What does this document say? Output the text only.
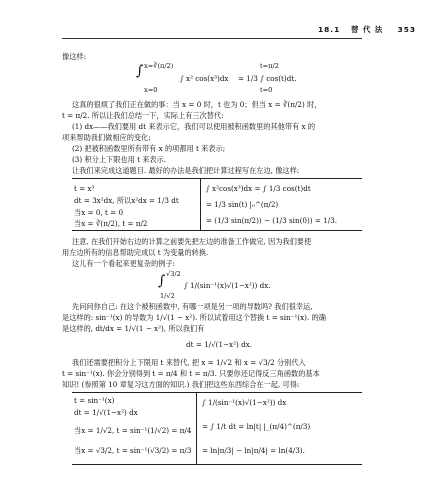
18.1 替 代 法 353
像这样:
∫ x=∛(π/2)
x=0
∫ x² cos(x³)dx
t=π/2
t=0
= 1/3 ∫ cos(t)dt.
这真的很烦了我们正在做的事：当 x = 0 时，t 也为 0；但当 x = ∛(π/2) 时，
t = π/2. 所以让我们总结一下，实际上有三次替代:
(1) dx——我们要用 dt 来表示它，我们可以使用被积函数里的其他带有 x 的
项来帮助我们做相应的变化;
(2) 把被积函数里所有带有 x 的项都用 t 来表示;
(3) 积分上下限也用 t 来表示.
让我们来完成这道题目. 最好的办法是我们把计算过程写在左边, 像这样:
t = x³
dt = 3x²dx, 所以x²dx = 1/3 dt
当x = 0, t = 0
当x = ∛(π/2), t = π/2
∫ x²cos(x³)dx = ∫ 1/3 cos(t)dt
= 1/3 sin(t) |₀^(π/2)
= (1/3 sin(π/2)) − (1/3 sin(0)) = 1/3.
注意, 在我们开始右边的计算之前要先把左边的准备工作做完, 因为我们要使
用左边所有的信息帮助完成以 t 为变量的转换.
这儿有一个看起来更复杂的例子:
∫ √3/2
1/√2
∫ 1/(sin⁻¹(x)√(1−x²)) dx.
先问问你自己: 在这个被积函数中, 有哪一项是另一项的导数吗? 我们很幸运,
是这样的: sin⁻¹(x) 的导数为 1/√(1 − x²). 所以试着用这个替换 t = sin⁻¹(x). 的确
是这样的, dt/dx = 1/√(1 − x²), 所以我们有
dt = 1/√(1−x²) dx.
我们还需要把积分上下限用 t 来替代, 把 x = 1/√2 和 x = √3/2 分别代入
t = sin⁻¹(x). 你会分别得到 t = π/4 和 t = π/3. 只要你还记得反三角函数的基本
知识! (参照第 10 章复习这方面的知识.) 我们把这些东西综合在一起, 可得:
t = sin⁻¹(x)
dt = 1/√(1−x²) dx
当x = 1/√2, t = sin⁻¹(1/√2) = π/4
当x = √3/2, t = sin⁻¹(√3/2) = π/3
∫ 1/(sin⁻¹(x)√(1−x²)) dx
= ∫ 1/t dt = ln|t| |_(π/4)^(π/3)
= ln|π/3| − ln|π/4| = ln(4/3).
